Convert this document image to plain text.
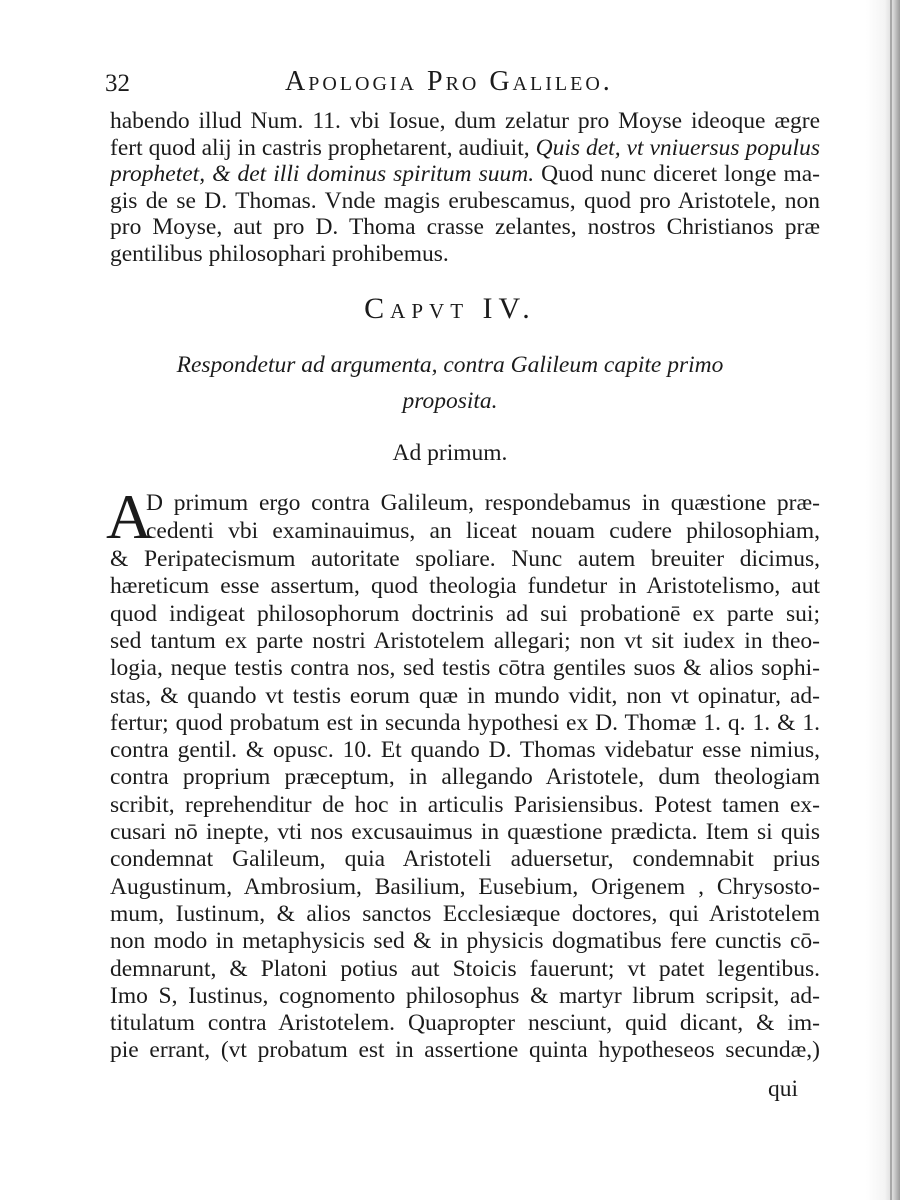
32	Apologia Pro Galileo.
habendo illud Num. 11. vbi Iosue, dum zelatur pro Moyse ideoque ægre
fert quod alij in castris prophetarent, audiuit, Quis det, vt vniuersus populus
prophetet, & det illi dominus spiritum suum. Quod nunc diceret longe ma-
gis de se D. Thomas. Vnde magis erubescamus, quod pro Aristotele, non
pro Moyse, aut pro D. Thoma crasse zelantes, nostros Christianos præ
gentilibus philosophari prohibemus.
Capvt IV.
Respondetur ad argumenta, contra Galileum capite primo
proposita.
Ad primum.
A
D primum ergo contra Galileum, respondebamus in quæstione præ-
cedenti vbi examinauimus, an liceat nouam cudere philosophiam,
& Peripatecismum autoritate spoliare. Nunc autem breuiter dicimus,
hæreticum esse assertum, quod theologia fundetur in Aristotelismo, aut
quod indigeat philosophorum doctrinis ad sui probationē ex parte sui;
sed tantum ex parte nostri Aristotelem allegari; non vt sit iudex in theo-
logia, neque testis contra nos, sed testis cōtra gentiles suos & alios sophi-
stas, & quando vt testis eorum quæ in mundo vidit, non vt opinatur, ad-
fertur; quod probatum est in secunda hypothesi ex D. Thomæ 1. q. 1. & 1.
contra gentil. & opusc. 10. Et quando D. Thomas videbatur esse nimius,
contra proprium præceptum, in allegando Aristotele, dum theologiam
scribit, reprehenditur de hoc in articulis Parisiensibus. Potest tamen ex-
cusari nō inepte, vti nos excusauimus in quæstione prædicta. Item si quis
condemnat Galileum, quia Aristoteli aduersetur, condemnabit prius
Augustinum, Ambrosium, Basilium, Eusebium, Origenem , Chrysosto-
mum, Iustinum, & alios sanctos Ecclesiæque doctores, qui Aristotelem
non modo in metaphysicis sed & in physicis dogmatibus fere cunctis cō-
demnarunt, & Platoni potius aut Stoicis fauerunt; vt patet legentibus.
Imo S, Iustinus, cognomento philosophus & martyr librum scripsit, ad-
titulatum contra Aristotelem. Quapropter nesciunt, quid dicant, & im-
pie errant, (vt probatum est in assertione quinta hypotheseos secundæ,)
qui
